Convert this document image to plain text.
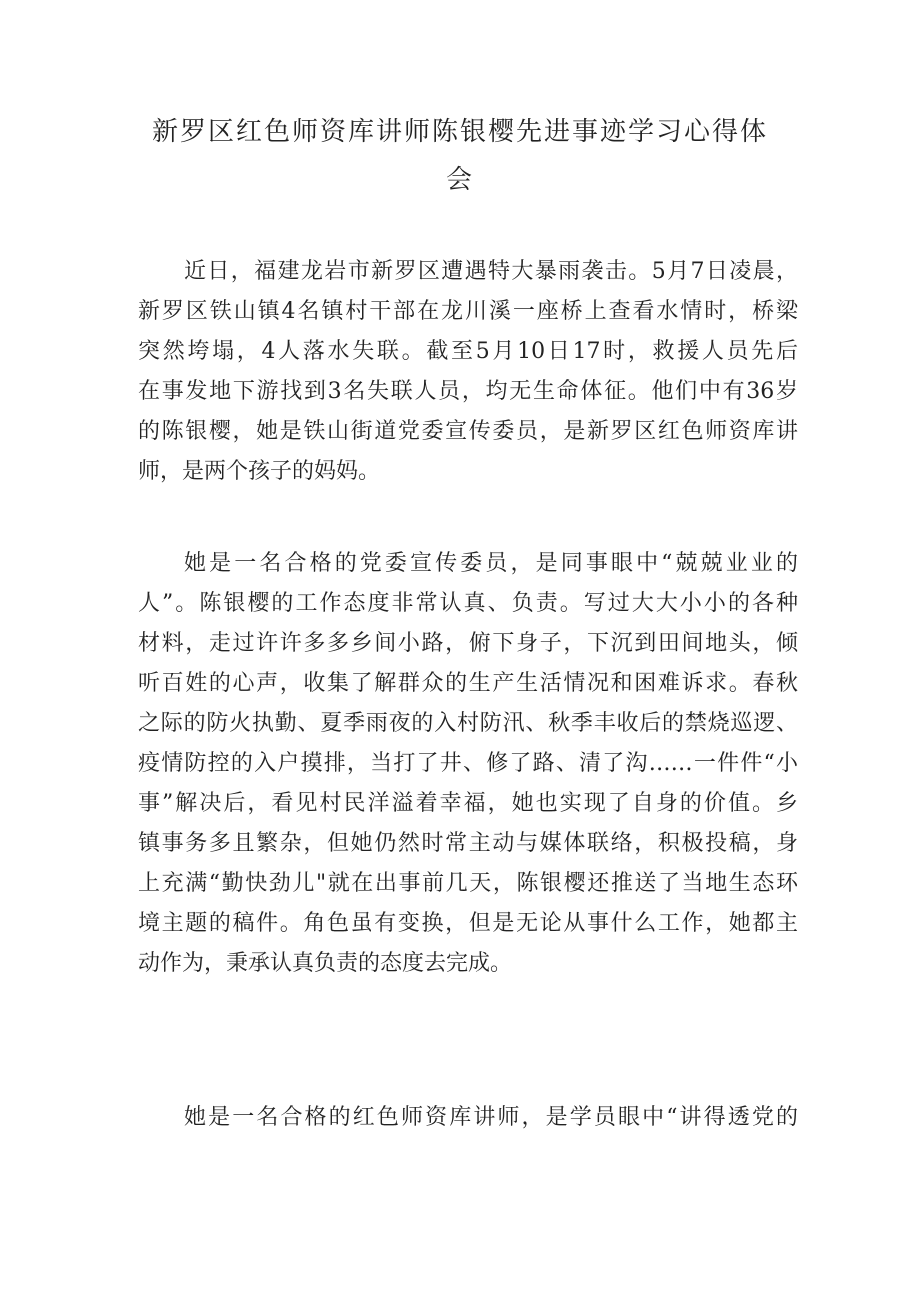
新罗区红色师资库讲师陈银樱先进事迹学习心得体
会
近日，福建龙岩市新罗区遭遇特大暴雨袭击。5月7日凌晨，
新罗区铁山镇4名镇村干部在龙川溪一座桥上查看水情时，桥梁
突然垮塌，4人落水失联。截至5月10日17时，救援人员先后
在事发地下游找到3名失联人员，均无生命体征。他们中有36岁
的陈银樱，她是铁山街道党委宣传委员，是新罗区红色师资库讲
师，是两个孩子的妈妈。
她是一名合格的党委宣传委员，是同事眼中“兢兢业业的
人”。陈银樱的工作态度非常认真、负责。写过大大小小的各种
材料，走过许许多多乡间小路，俯下身子，下沉到田间地头，倾
听百姓的心声，收集了解群众的生产生活情况和困难诉求。春秋
之际的防火执勤、夏季雨夜的入村防汛、秋季丰收后的禁烧巡逻、
疫情防控的入户摸排，当打了井、修了路、清了沟……一件件“小
事”解决后，看见村民洋溢着幸福，她也实现了自身的价值。乡
镇事务多且繁杂，但她仍然时常主动与媒体联络，积极投稿，身
上充满“勤快劲儿"就在出事前几天，陈银樱还推送了当地生态环
境主题的稿件。角色虽有变换，但是无论从事什么工作，她都主
动作为，秉承认真负责的态度去完成。
她是一名合格的红色师资库讲师，是学员眼中“讲得透党的
